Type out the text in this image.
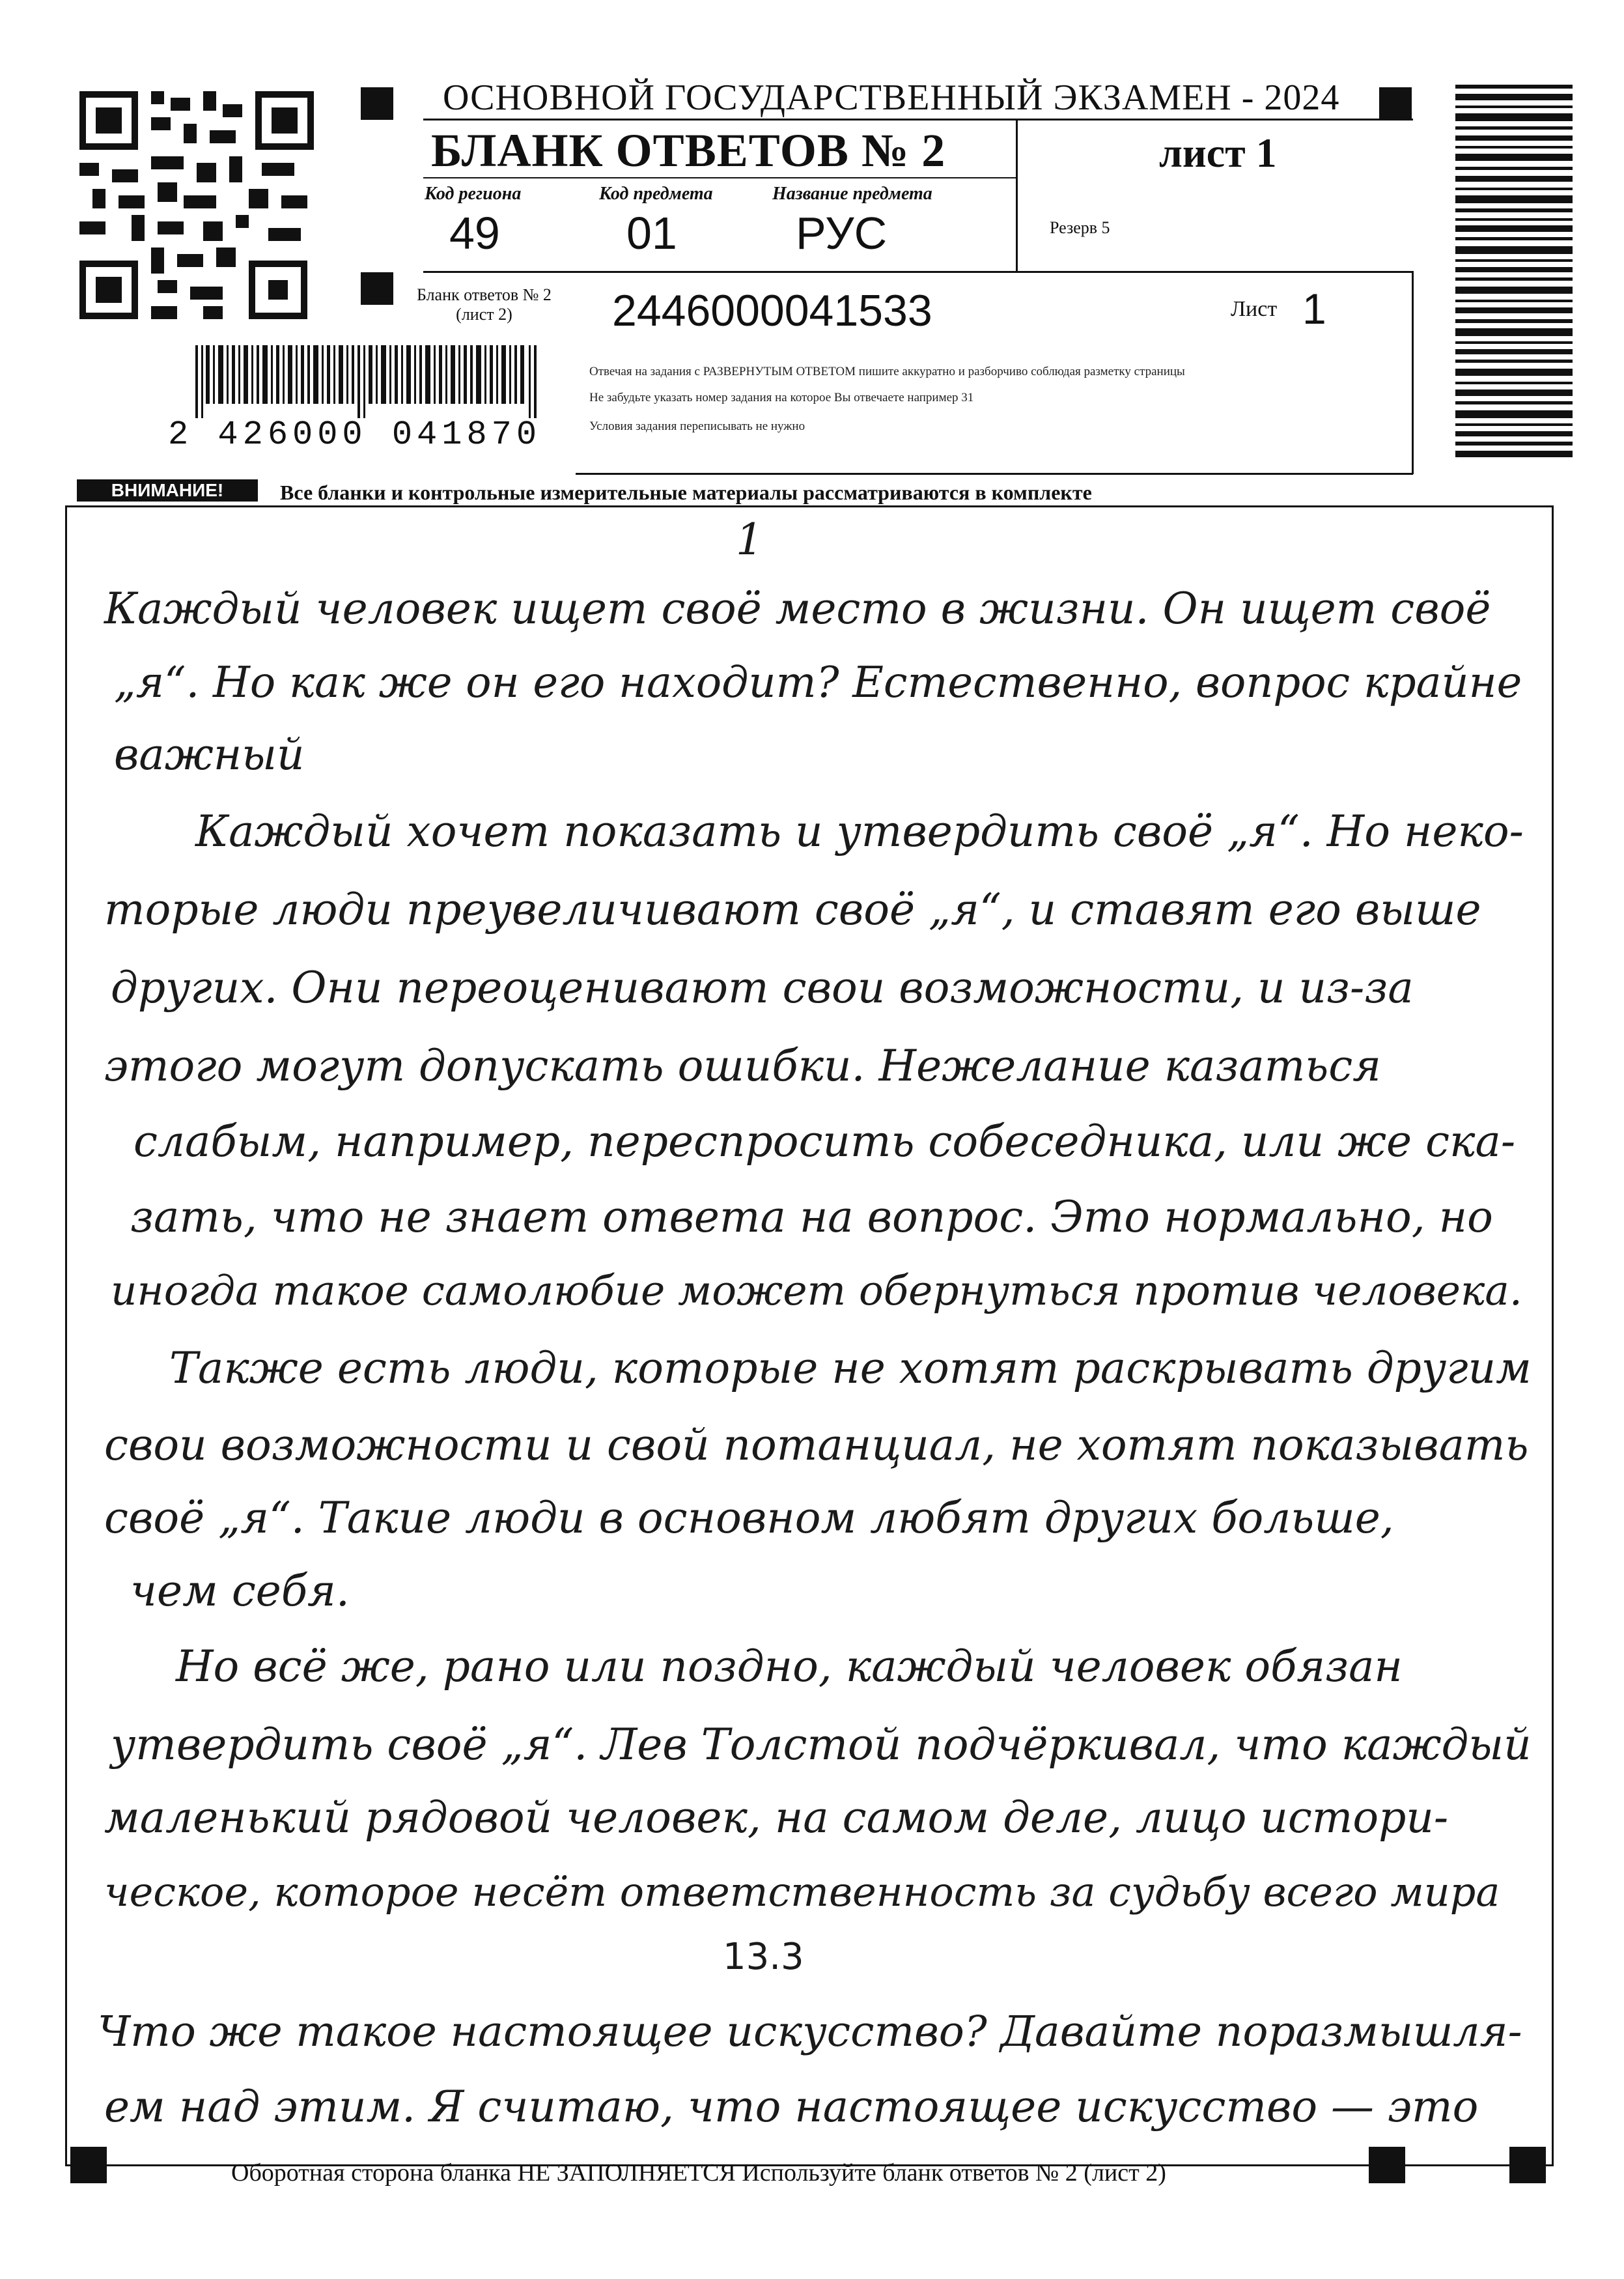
2 426000 041870
ОСНОВНОЙ ГОСУДАРСТВЕННЫЙ ЭКЗАМЕН - 2024
БЛАНК ОТВЕТОВ № 2	лист 1
Код региона
49
Код предмета
01
Название предмета
РУС	Резерв 5
Бланк ответов № 2
(лист 2)	2446000041533	Лист 1
Отвечая на задания с РАЗВЕРНУТЫМ ОТВЕТОМ пишите аккуратно и разборчиво соблюдая разметку страницы
Не забудьте указать номер задания на которое Вы отвечаете например 31
Условия задания переписывать не нужно
ВНИМАНИЕ!	Все бланки и контрольные измерительные материалы рассматриваются в комплекте
1
Каждый человек ищет своё место в жизни. Он ищет своё
„я“. Но как же он его находит? Естественно, вопрос крайне
важный
Каждый хочет показать и утвердить своё „я“. Но неко-
торые люди преувеличивают своё „я“, и ставят его выше
других. Они переоценивают свои возможности, и из-за
этого могут допускать ошибки. Нежелание казаться
слабым, например, переспросить собеседника, или же ска-
зать, что не знает ответа на вопрос. Это нормально, но
иногда такое самолюбие может обернуться против человека.
Также есть люди, которые не хотят раскрывать другим
свои возможности и свой потанциал, не хотят показывать
своё „я“. Такие люди в основном любят других больше,
чем себя.
Но всё же, рано или поздно, каждый человек обязан
утвердить своё „я“. Лев Толстой подчёркивал, что каждый
маленький рядовой человек, на самом деле, лицо истори-
ческое, которое несёт ответственность за судьбу всего мира
13.3
Что же такое настоящее искусство? Давайте поразмышля-
ем над этим. Я считаю, что настоящее искусство — это
Оборотная сторона бланка НЕ ЗАПОЛНЯЕТСЯ Используйте бланк ответов № 2 (лист 2)
